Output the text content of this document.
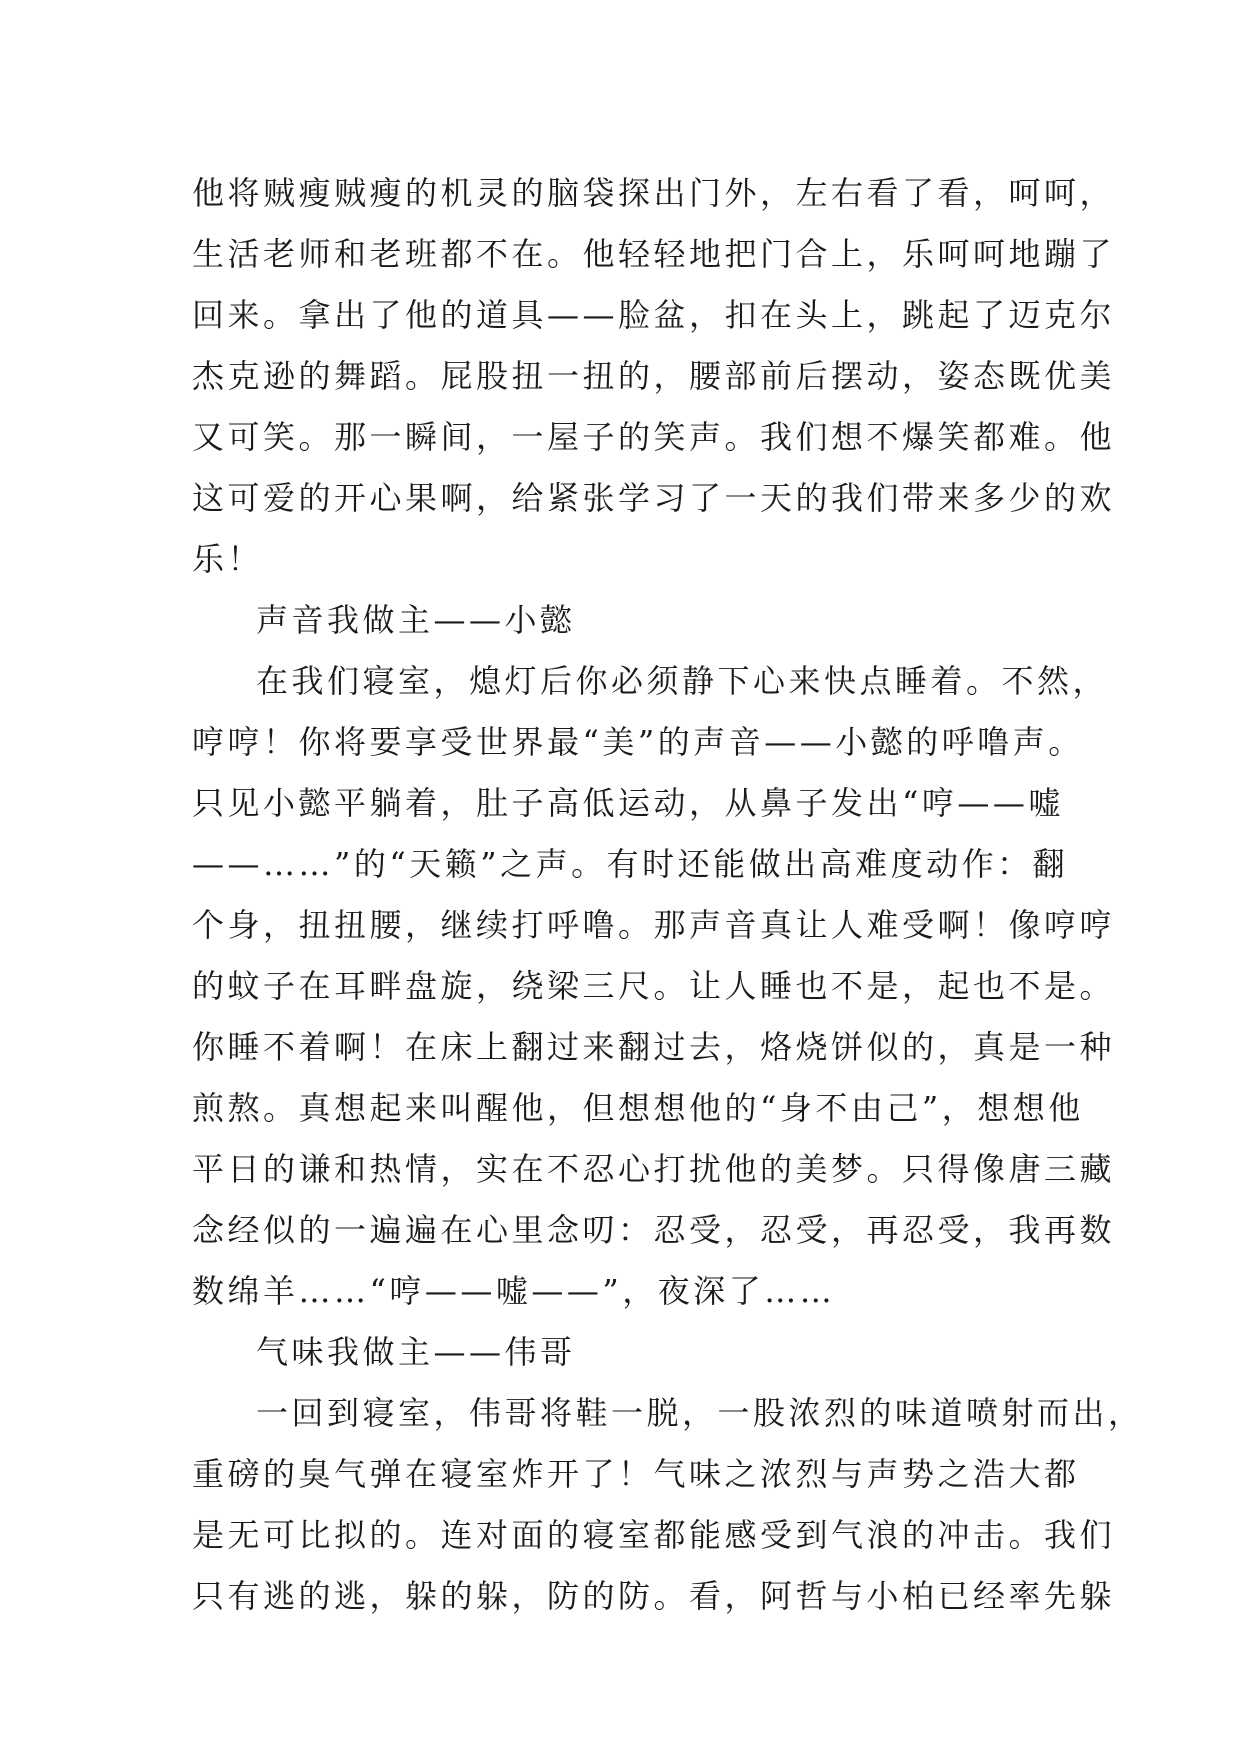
他将贼瘦贼瘦的机灵的脑袋探出门外，左右看了看，呵呵，
生活老师和老班都不在。他轻轻地把门合上，乐呵呵地蹦了
回来。拿出了他的道具——脸盆，扣在头上，跳起了迈克尔
杰克逊的舞蹈。屁股扭一扭的，腰部前后摆动，姿态既优美
又可笑。那一瞬间，一屋子的笑声。我们想不爆笑都难。他
这可爱的开心果啊，给紧张学习了一天的我们带来多少的欢
乐！
声音我做主——小懿
在我们寝室，熄灯后你必须静下心来快点睡着。不然，
哼哼！你将要享受世界最“美”的声音——小懿的呼噜声。
只见小懿平躺着，肚子高低运动，从鼻子发出“哼——嘘
——……”的“天籁”之声。有时还能做出高难度动作：翻
个身，扭扭腰，继续打呼噜。那声音真让人难受啊！像哼哼
的蚊子在耳畔盘旋，绕梁三尺。让人睡也不是，起也不是。
你睡不着啊！在床上翻过来翻过去，烙烧饼似的，真是一种
煎熬。真想起来叫醒他，但想想他的“身不由己”，想想他
平日的谦和热情，实在不忍心打扰他的美梦。只得像唐三藏
念经似的一遍遍在心里念叨：忍受，忍受，再忍受，我再数
数绵羊……“哼——嘘——”，夜深了……
气味我做主——伟哥
一回到寝室，伟哥将鞋一脱，一股浓烈的味道喷射而出，
重磅的臭气弹在寝室炸开了！气味之浓烈与声势之浩大都
是无可比拟的。连对面的寝室都能感受到气浪的冲击。我们
只有逃的逃，躲的躲，防的防。看，阿哲与小柏已经率先躲
